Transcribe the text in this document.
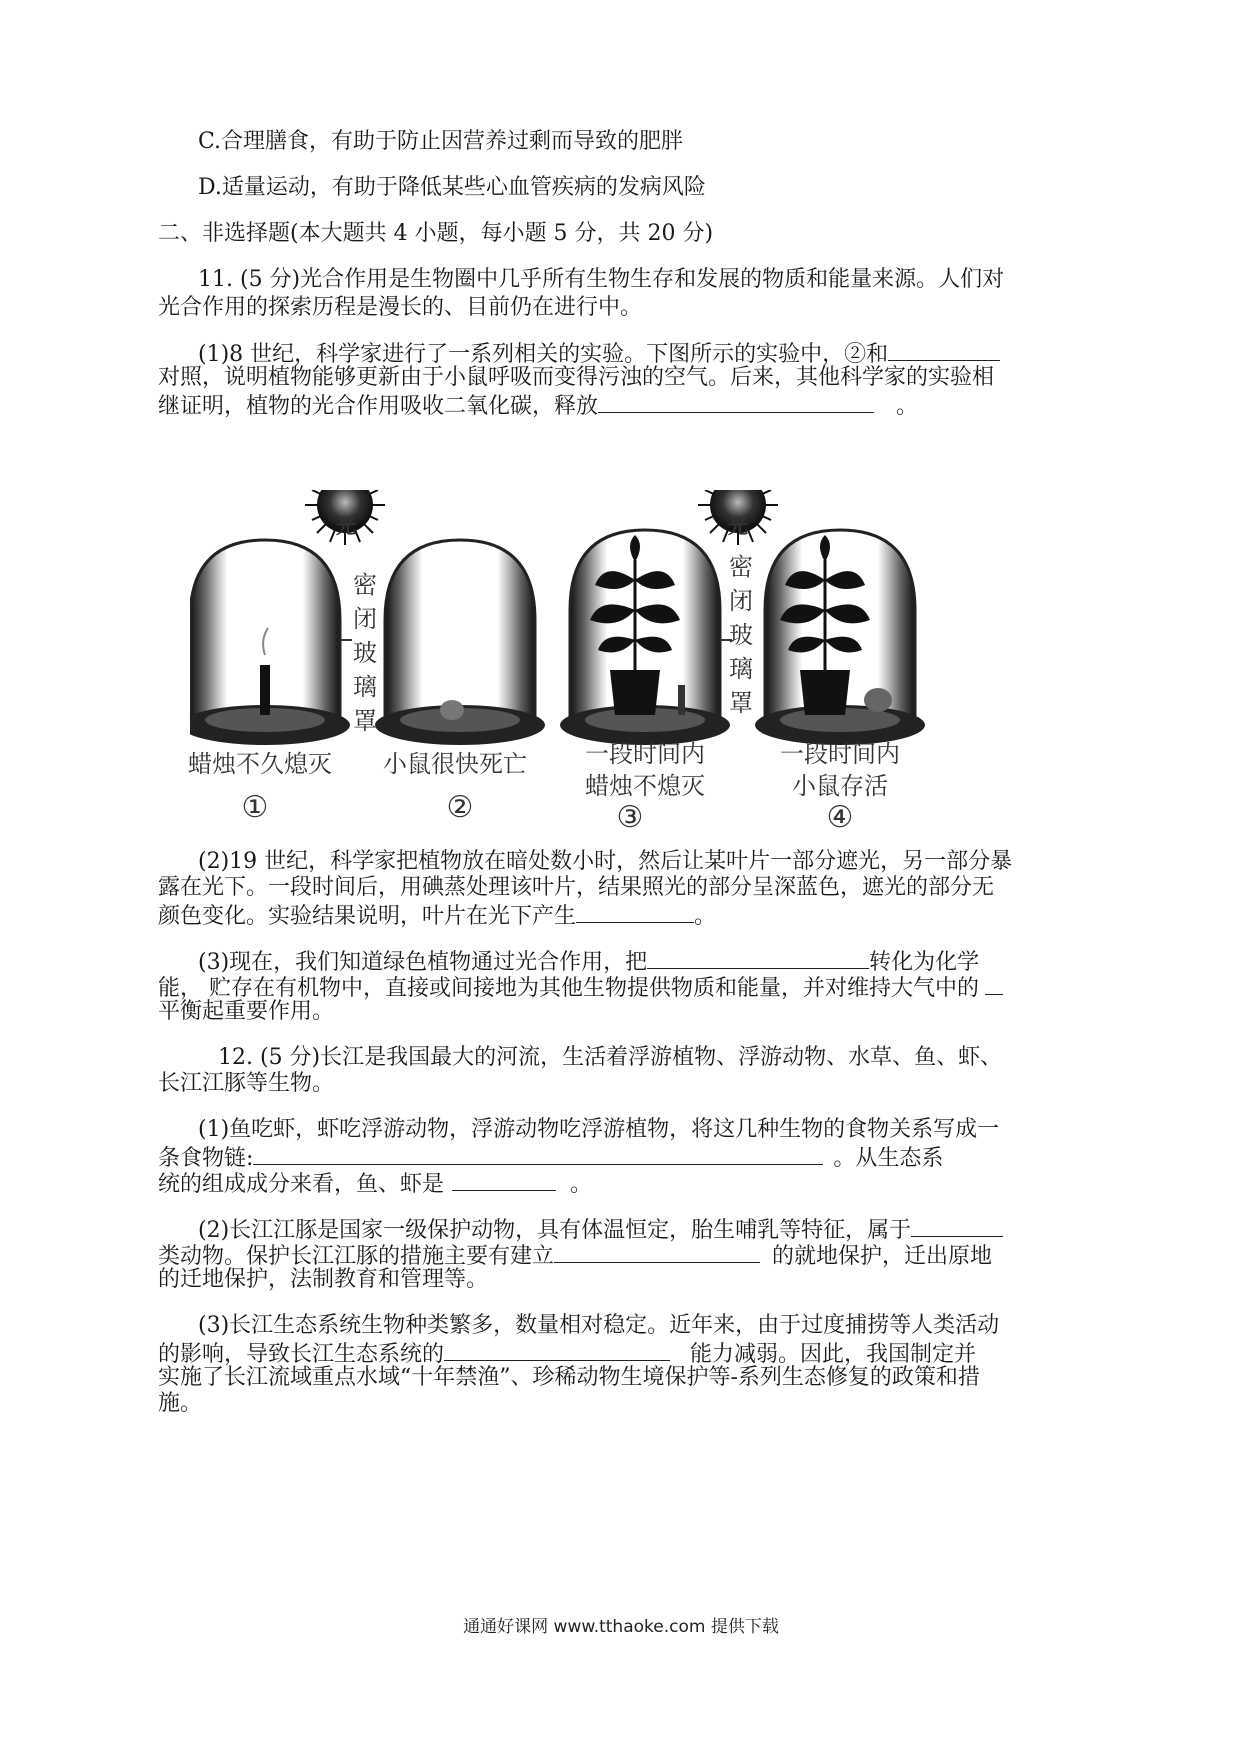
C.合理膳食，有助于防止因营养过剩而导致的肥胖
D.适量运动，有助于降低某些心血管疾病的发病风险
二、非选择题(本大题共 4 小题，每小题 5 分，共 20 分)
11. (5 分)光合作用是生物圈中几乎所有生物生存和发展的物质和能量来源。人们对
光合作用的探索历程是漫长的、目前仍在进行中。
(1)8 世纪，科学家进行了一系列相关的实验。下图所示的实验中，②和
对照，说明植物能够更新由于小鼠呼吸而变得污浊的空气。后来，其他科学家的实验相
继证明，植物的光合作用吸收二氧化碳，释放	。
光	光
密
闭
玻
璃
罩
密
闭
玻
璃
罩
蜡烛不久熄灭	小鼠很快死亡	一段时间内
蜡烛不熄灭
一段时间内
小鼠存活
①	②	③	④
(2)19 世纪，科学家把植物放在暗处数小时，然后让某叶片一部分遮光，另一部分暴
露在光下。一段时间后，用碘蒸处理该叶片，结果照光的部分呈深蓝色，遮光的部分无
颜色变化。实验结果说明，叶片在光下产生	。
(3)现在，我们知道绿色植物通过光合作用，把	转化为化学
能， 贮存在有机物中，直接或间接地为其他生物提供物质和能量，并对维持大气中的
平衡起重要作用。
12. (5 分)长江是我国最大的河流，生活着浮游植物、浮游动物、水草、鱼、虾、
长江江豚等生物。
(1)鱼吃虾，虾吃浮游动物，浮游动物吃浮游植物，将这几种生物的食物关系写成一
条食物链:	。从生态系
统的组成成分来看，鱼、虾是	。
(2)长江江豚是国家一级保护动物，具有体温恒定，胎生哺乳等特征，属于
类动物。保护长江江豚的措施主要有建立	的就地保护，迁出原地
的迁地保护，法制教育和管理等。
(3)长江生态系统生物种类繁多，数量相对稳定。近年来，由于过度捕捞等人类活动
的影响，导致长江生态系统的	能力减弱。因此，我国制定并
实施了长江流域重点水域“十年禁渔”、珍稀动物生境保护等-系列生态修复的政策和措
施。
通通好课网 www.tthaoke.com 提供下载
